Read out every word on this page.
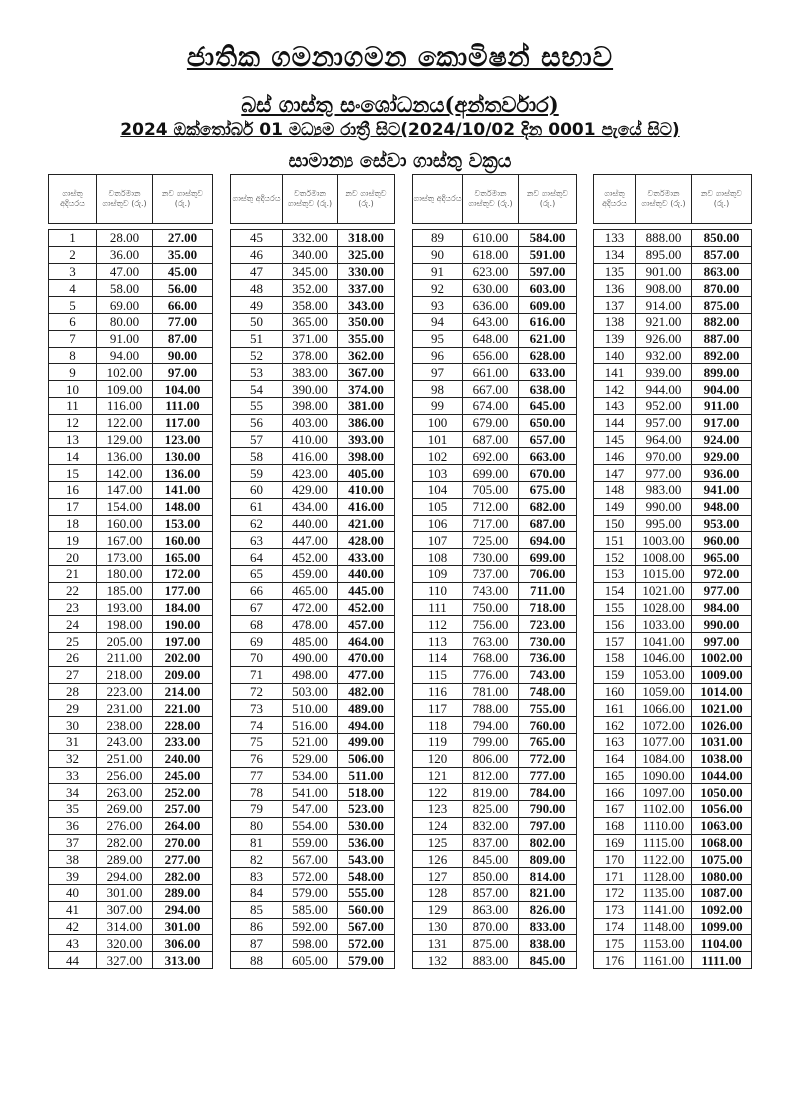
ජාතික ගමනාගමන කොමිෂන් සභාව
බස් ගාස්තු සංශෝධනය(අන්තර්වාර)
2024 ඔක්තෝබර් 01 මධ්‍යම රාත්‍රී සිට(2024/10/02 දින 0001 පැයේ සිට)
සාමාන්‍ය සේවා ගාස්තු වක්‍රය
ගාස්තු අදියරය	වර්තමාන ගාස්තුව (රු.)	නව ගාස්තුව (රු.)

1	28.00	27.00
2	36.00	35.00
3	47.00	45.00
4	58.00	56.00
5	69.00	66.00
6	80.00	77.00
7	91.00	87.00
8	94.00	90.00
9	102.00	97.00
10	109.00	104.00
11	116.00	111.00
12	122.00	117.00
13	129.00	123.00
14	136.00	130.00
15	142.00	136.00
16	147.00	141.00
17	154.00	148.00
18	160.00	153.00
19	167.00	160.00
20	173.00	165.00
21	180.00	172.00
22	185.00	177.00
23	193.00	184.00
24	198.00	190.00
25	205.00	197.00
26	211.00	202.00
27	218.00	209.00
28	223.00	214.00
29	231.00	221.00
30	238.00	228.00
31	243.00	233.00
32	251.00	240.00
33	256.00	245.00
34	263.00	252.00
35	269.00	257.00
36	276.00	264.00
37	282.00	270.00
38	289.00	277.00
39	294.00	282.00
40	301.00	289.00
41	307.00	294.00
42	314.00	301.00
43	320.00	306.00
44	327.00	313.00
ගාස්තු අදියරය	වර්තමාන ගාස්තුව (රු.)	නව ගාස්තුව (රු.)

45	332.00	318.00
46	340.00	325.00
47	345.00	330.00
48	352.00	337.00
49	358.00	343.00
50	365.00	350.00
51	371.00	355.00
52	378.00	362.00
53	383.00	367.00
54	390.00	374.00
55	398.00	381.00
56	403.00	386.00
57	410.00	393.00
58	416.00	398.00
59	423.00	405.00
60	429.00	410.00
61	434.00	416.00
62	440.00	421.00
63	447.00	428.00
64	452.00	433.00
65	459.00	440.00
66	465.00	445.00
67	472.00	452.00
68	478.00	457.00
69	485.00	464.00
70	490.00	470.00
71	498.00	477.00
72	503.00	482.00
73	510.00	489.00
74	516.00	494.00
75	521.00	499.00
76	529.00	506.00
77	534.00	511.00
78	541.00	518.00
79	547.00	523.00
80	554.00	530.00
81	559.00	536.00
82	567.00	543.00
83	572.00	548.00
84	579.00	555.00
85	585.00	560.00
86	592.00	567.00
87	598.00	572.00
88	605.00	579.00
ගාස්තු අදියරය	වර්තමාන ගාස්තුව (රු.)	නව ගාස්තුව (රු.)

89	610.00	584.00
90	618.00	591.00
91	623.00	597.00
92	630.00	603.00
93	636.00	609.00
94	643.00	616.00
95	648.00	621.00
96	656.00	628.00
97	661.00	633.00
98	667.00	638.00
99	674.00	645.00
100	679.00	650.00
101	687.00	657.00
102	692.00	663.00
103	699.00	670.00
104	705.00	675.00
105	712.00	682.00
106	717.00	687.00
107	725.00	694.00
108	730.00	699.00
109	737.00	706.00
110	743.00	711.00
111	750.00	718.00
112	756.00	723.00
113	763.00	730.00
114	768.00	736.00
115	776.00	743.00
116	781.00	748.00
117	788.00	755.00
118	794.00	760.00
119	799.00	765.00
120	806.00	772.00
121	812.00	777.00
122	819.00	784.00
123	825.00	790.00
124	832.00	797.00
125	837.00	802.00
126	845.00	809.00
127	850.00	814.00
128	857.00	821.00
129	863.00	826.00
130	870.00	833.00
131	875.00	838.00
132	883.00	845.00
ගාස්තු අදියරය	වර්තමාන ගාස්තුව (රු.)	නව ගාස්තුව (රු.)

133	888.00	850.00
134	895.00	857.00
135	901.00	863.00
136	908.00	870.00
137	914.00	875.00
138	921.00	882.00
139	926.00	887.00
140	932.00	892.00
141	939.00	899.00
142	944.00	904.00
143	952.00	911.00
144	957.00	917.00
145	964.00	924.00
146	970.00	929.00
147	977.00	936.00
148	983.00	941.00
149	990.00	948.00
150	995.00	953.00
151	1003.00	960.00
152	1008.00	965.00
153	1015.00	972.00
154	1021.00	977.00
155	1028.00	984.00
156	1033.00	990.00
157	1041.00	997.00
158	1046.00	1002.00
159	1053.00	1009.00
160	1059.00	1014.00
161	1066.00	1021.00
162	1072.00	1026.00
163	1077.00	1031.00
164	1084.00	1038.00
165	1090.00	1044.00
166	1097.00	1050.00
167	1102.00	1056.00
168	1110.00	1063.00
169	1115.00	1068.00
170	1122.00	1075.00
171	1128.00	1080.00
172	1135.00	1087.00
173	1141.00	1092.00
174	1148.00	1099.00
175	1153.00	1104.00
176	1161.00	1111.00
